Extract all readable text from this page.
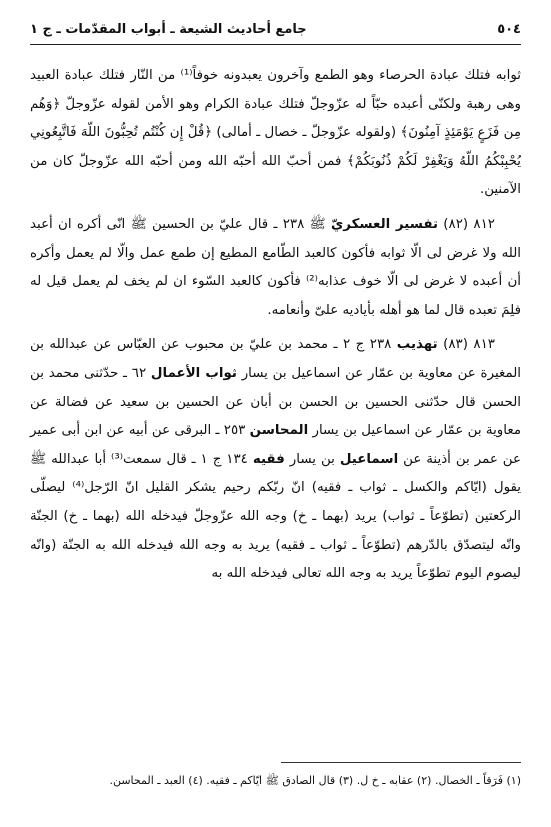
٥٠٤
جامع أحاديث الشيعة ـ أبواب المقدّمات ـ ج ١

ثوابه فتلك عبادة الحرصاء وهو الطمع وآخرون يعبدونه خوفاً⁽¹⁾ من النّار فتلك عبادة العبيد وهى رهبة ولكنّى أعبده حبّاً له عزّوجلّ فتلك عبادة الكرام وهو الأمن لقوله عزّوجلّ ﴿وَهُم مِن فَزَعٍ يَوْمَئِذٍ آمِنُونَ﴾ (ولقوله عزّوجلّ ـ خصال ـ أمالى) ﴿قُلْ إِن كُنْتُم تُحِبُّونَ اللّهَ فَاتَّبِعُونِي يُحْبِبْكُمُ اللّهُ وَيَغْفِرْ لَكُمْ ذُنُوبَكُمْ﴾ فمن أحبّ الله أحبّه الله ومن أحبّه الله عزّوجلّ كان من الآمنين.

٨١٢ (٨٢) تفسير العسكريّ ﷺ ٢٣٨ ـ قال عليّ بن الحسين ﷺ انّى أكره ان أعبد الله ولا غرض لى الّا ثوابه فأكون كالعبد الطّامع المطيع إن طمع عمل والّا لم يعمل وأكره أن أعبده لا غرض لى الّا خوف عذابه⁽²⁾ فأكون كالعبد السّوء ان لم يخف لم يعمل قيل له فلِمَ تعبده قال لما هو أهله بأياديه علىّ وأنعامه.

٨١٣ (٨٣) تهذيب ٢٣٨ ج ٢ ـ محمد بن عليّ بن محبوب عن العبّاس عن عبدالله بن المغيرة عن معاوية بن عمّار عن اسماعيل بن يسار ثواب الأعمال ٦٢ ـ حدّثنى محمد بن الحسن قال حدّثنى الحسين بن الحسن بن أبان عن الحسين بن سعيد عن فضالة عن معاوية بن عمّار عن اسماعيل بن يسار المحاسن ٢٥٣ ـ البرقى عن أبيه عن ابن أبى عمير عن عمر بن أذينة عن اسماعيل بن يسار فقيه ١٣٤ ج ١ ـ قال سمعت⁽³⁾ أبا عبدالله ﷺ يقول (ايّاكم والكسل ـ ثواب ـ فقيه) انّ ربّكم رحيم يشكر القليل انّ الرّجل⁽⁴⁾ ليصلّى الركعتين (تطوّعاً ـ ثواب) يريد (بهما ـ خ) وجه الله عزّوجلّ فيدخله الله (بهما ـ خ) الجنّة وانّه ليتصدّق بالدّرهم (تطوّعاً ـ ثواب ـ فقيه) يريد به وجه الله فيدخله الله به الجنّة (وانّه ليصوم اليوم تطوّعاً يريد به وجه الله تعالى فيدخله الله به

(١) فَرَقاً ـ الخصال. (٢) عقابه ـ خ ل. (٣) قال الصادق ﷺ ايّاكم ـ فقيه. (٤) العبد ـ المحاسن.
